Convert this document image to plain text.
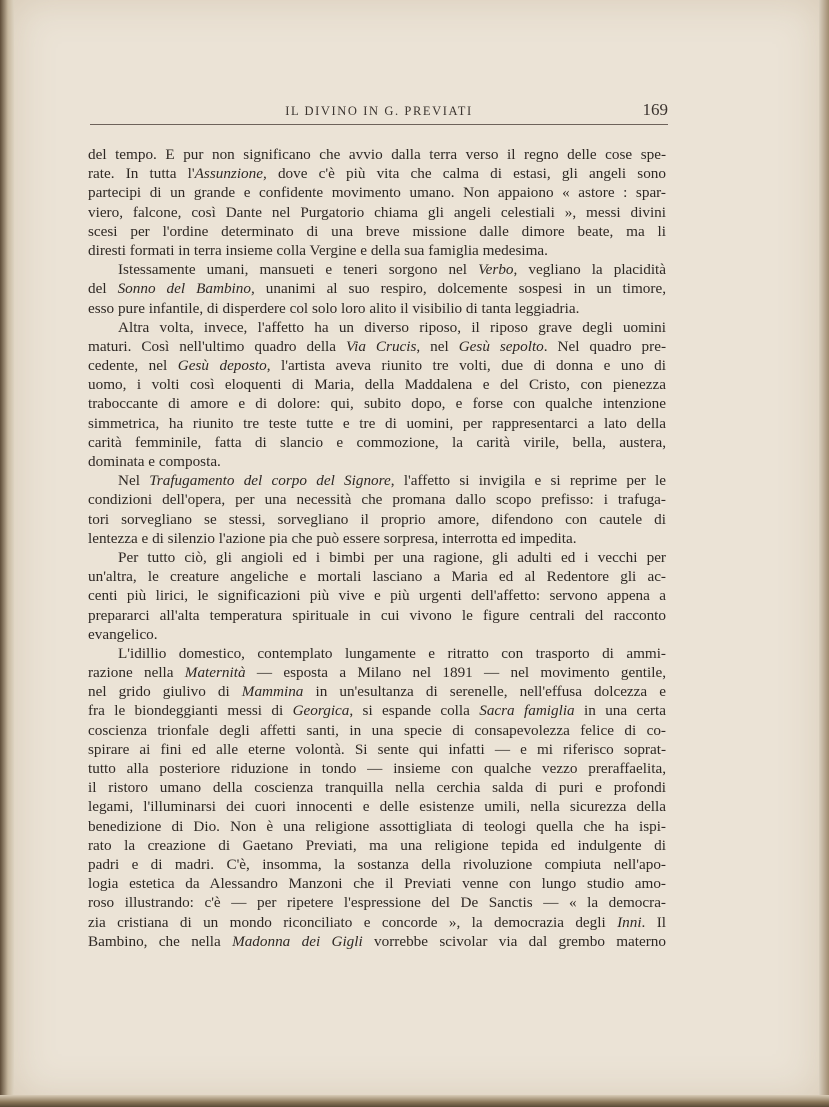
IL DIVINO IN G. PREVIATI	169
del tempo. E pur non significano che avvio dalla terra verso il regno delle cose spe-
rate. In tutta l'Assunzione, dove c'è più vita che calma di estasi, gli angeli sono
partecipi di un grande e confidente movimento umano. Non appaiono « astore : spar-
viero, falcone, così Dante nel Purgatorio chiama gli angeli celestiali », messi divini
scesi per l'ordine determinato di una breve missione dalle dimore beate, ma li
diresti formati in terra insieme colla Vergine e della sua famiglia medesima.
Istessamente umani, mansueti e teneri sorgono nel Verbo, vegliano la placidità
del Sonno del Bambino, unanimi al suo respiro, dolcemente sospesi in un timore,
esso pure infantile, di disperdere col solo loro alito il visibilio di tanta leggiadria.
Altra volta, invece, l'affetto ha un diverso riposo, il riposo grave degli uomini
maturi. Così nell'ultimo quadro della Via Crucis, nel Gesù sepolto. Nel quadro pre-
cedente, nel Gesù deposto, l'artista aveva riunito tre volti, due di donna e uno di
uomo, i volti così eloquenti di Maria, della Maddalena e del Cristo, con pienezza
traboccante di amore e di dolore: qui, subito dopo, e forse con qualche intenzione
simmetrica, ha riunito tre teste tutte e tre di uomini, per rappresentarci a lato della
carità femminile, fatta di slancio e commozione, la carità virile, bella, austera,
dominata e composta.
Nel Trafugamento del corpo del Signore, l'affetto si invigila e si reprime per le
condizioni dell'opera, per una necessità che promana dallo scopo prefisso: i trafuga-
tori sorvegliano se stessi, sorvegliano il proprio amore, difendono con cautele di
lentezza e di silenzio l'azione pia che può essere sorpresa, interrotta ed impedita.
Per tutto ciò, gli angioli ed i bimbi per una ragione, gli adulti ed i vecchi per
un'altra, le creature angeliche e mortali lasciano a Maria ed al Redentore gli ac-
centi più lirici, le significazioni più vive e più urgenti dell'affetto: servono appena a
prepararci all'alta temperatura spirituale in cui vivono le figure centrali del racconto
evangelico.
L'idillio domestico, contemplato lungamente e ritratto con trasporto di ammi-
razione nella Maternità — esposta a Milano nel 1891 — nel movimento gentile,
nel grido giulivo di Mammina in un'esultanza di serenelle, nell'effusa dolcezza e
fra le biondeggianti messi di Georgica, si espande colla Sacra famiglia in una certa
coscienza trionfale degli affetti santi, in una specie di consapevolezza felice di co-
spirare ai fini ed alle eterne volontà. Si sente qui infatti — e mi riferisco soprat-
tutto alla posteriore riduzione in tondo — insieme con qualche vezzo preraffaelita,
il ristoro umano della coscienza tranquilla nella cerchia salda di puri e profondi
legami, l'illuminarsi dei cuori innocenti e delle esistenze umili, nella sicurezza della
benedizione di Dio. Non è una religione assottigliata di teologi quella che ha ispi-
rato la creazione di Gaetano Previati, ma una religione tepida ed indulgente di
padri e di madri. C'è, insomma, la sostanza della rivoluzione compiuta nell'apo-
logia estetica da Alessandro Manzoni che il Previati venne con lungo studio amo-
roso illustrando: c'è — per ripetere l'espressione del De Sanctis — « la democra-
zia cristiana di un mondo riconciliato e concorde », la democrazia degli Inni. Il
Bambino, che nella Madonna dei Gigli vorrebbe scivolar via dal grembo materno
